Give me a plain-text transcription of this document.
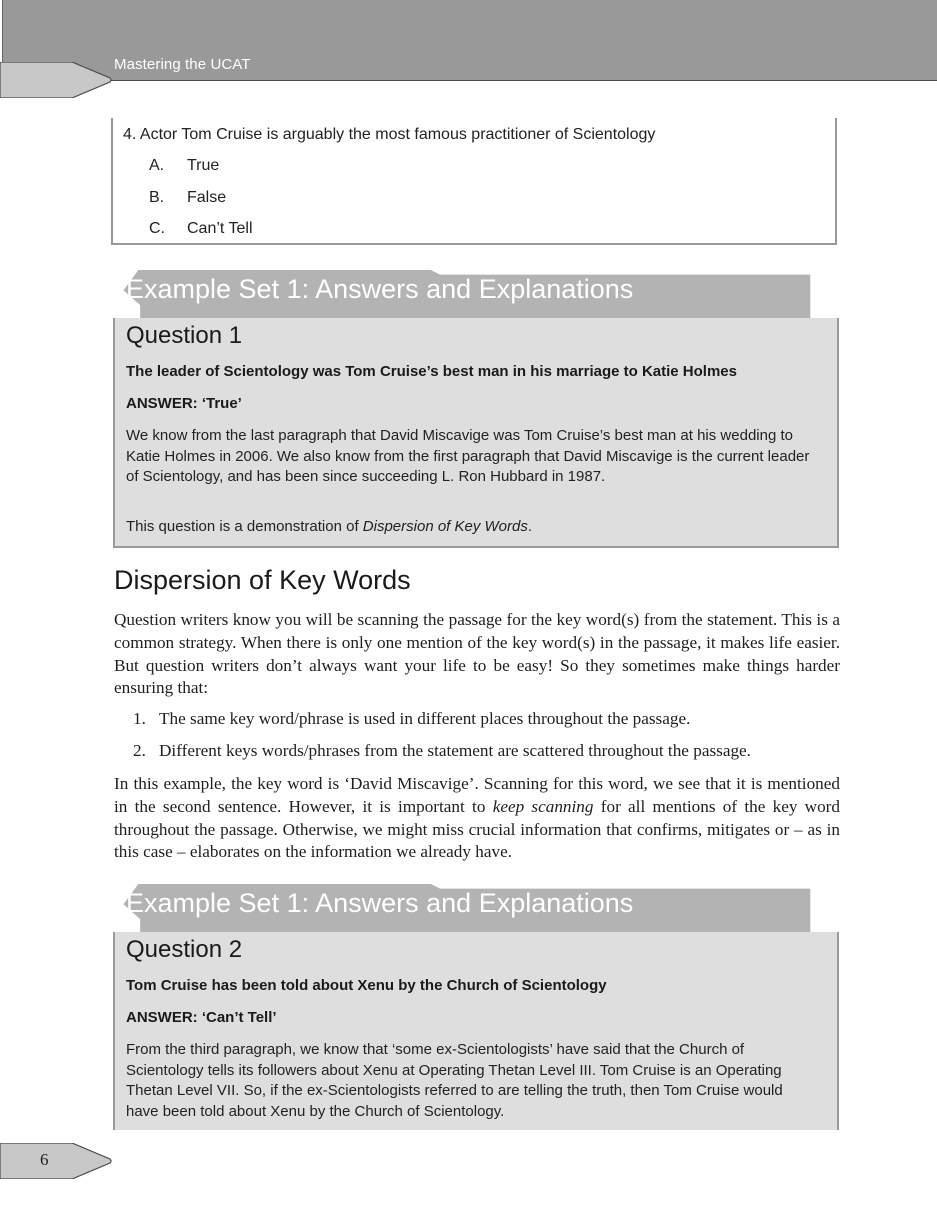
Mastering the UCAT
4. Actor Tom Cruise is arguably the most famous practitioner of Scientology
A. True
B. False
C. Can’t Tell
Example Set 1: Answers and Explanations
Question 1
The leader of Scientology was Tom Cruise’s best man in his marriage to Katie Holmes
ANSWER: ‘True’
We know from the last paragraph that David Miscavige was Tom Cruise’s best man at his wedding to Katie Holmes in 2006. We also know from the first paragraph that David Miscavige is the current leader of Scientology, and has been since succeeding L. Ron Hubbard in 1987.
This question is a demonstration of Dispersion of Key Words.
Dispersion of Key Words
Question writers know you will be scanning the passage for the key word(s) from the statement. This is a common strategy. When there is only one mention of the key word(s) in the passage, it makes life easier. But question writers don’t always want your life to be easy! So they sometimes make things harder ensuring that:
1. The same key word/phrase is used in different places throughout the passage.
2. Different keys words/phrases from the statement are scattered throughout the passage.
In this example, the key word is ‘David Miscavige’. Scanning for this word, we see that it is mentioned in the second sentence. However, it is important to keep scanning for all mentions of the key word throughout the passage. Otherwise, we might miss crucial information that confirms, mitigates or – as in this case – elaborates on the information we already have.
Example Set 1: Answers and Explanations
Question 2
Tom Cruise has been told about Xenu by the Church of Scientology
ANSWER: ‘Can’t Tell’
From the third paragraph, we know that ‘some ex-Scientologists’ have said that the Church of Scientology tells its followers about Xenu at Operating Thetan Level III. Tom Cruise is an Operating Thetan Level VII. So, if the ex-Scientologists referred to are telling the truth, then Tom Cruise would have been told about Xenu by the Church of Scientology.
6
